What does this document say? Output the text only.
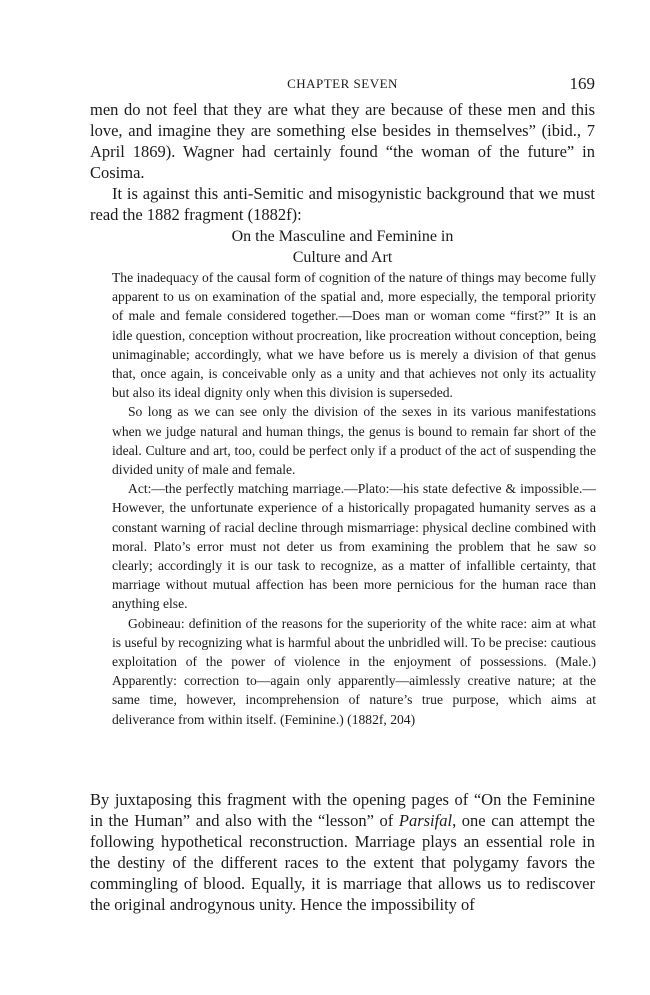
CHAPTER SEVEN	169

men do not feel that they are what they are because of these men and this love, and imagine they are something else besides in themselves” (ibid., 7 April 1869). Wagner had certainly found “the woman of the future” in Cosima.

It is against this anti-Semitic and misogynistic background that we must read the 1882 fragment (1882f):

On the Masculine and Feminine in
Culture and Art

The inadequacy of the causal form of cognition of the nature of things may become fully apparent to us on examination of the spatial and, more especially, the temporal priority of male and female considered together.—Does man or woman come “first?” It is an idle question, conception without procreation, like procreation without conception, being unimaginable; accordingly, what we have before us is merely a division of that genus that, once again, is conceivable only as a unity and that achieves not only its actuality but also its ideal dignity only when this division is superseded.

So long as we can see only the division of the sexes in its various manifestations when we judge natural and human things, the genus is bound to remain far short of the ideal. Culture and art, too, could be perfect only if a product of the act of suspending the divided unity of male and female.

Act:—the perfectly matching marriage.—Plato:—his state defective & impossible.—However, the unfortunate experience of a historically propagated humanity serves as a constant warning of racial decline through mismarriage: physical decline combined with moral. Plato’s error must not deter us from examining the problem that he saw so clearly; accordingly it is our task to recognize, as a matter of infallible certainty, that marriage without mutual affection has been more pernicious for the human race than anything else.

Gobineau: definition of the reasons for the superiority of the white race: aim at what is useful by recognizing what is harmful about the unbridled will. To be precise: cautious exploitation of the power of violence in the enjoyment of possessions. (Male.) Apparently: correction to—again only apparently—aimlessly creative nature; at the same time, however, incomprehension of nature’s true purpose, which aims at deliverance from within itself. (Feminine.) (1882f, 204)

By juxtaposing this fragment with the opening pages of “On the Feminine in the Human” and also with the “lesson” of Parsifal, one can attempt the following hypothetical reconstruction. Marriage plays an essential role in the destiny of the different races to the extent that polygamy favors the commingling of blood. Equally, it is marriage that allows us to rediscover the original androgynous unity. Hence the impossibility of
